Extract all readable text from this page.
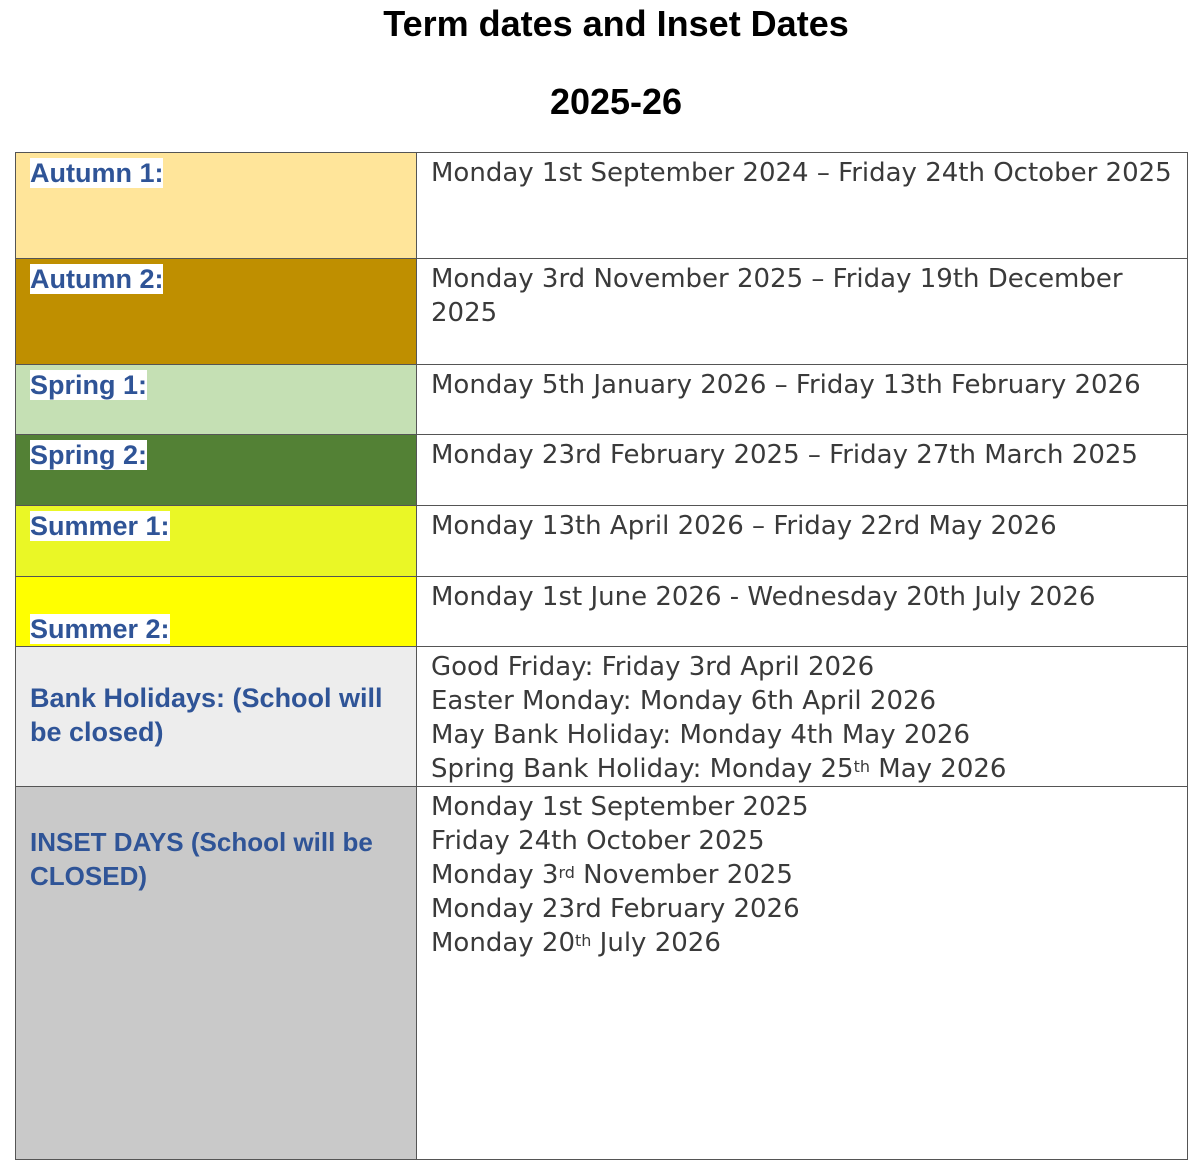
Term dates and Inset Dates
2025-26
Autumn 1:	Monday 1st September 2024 – Friday 24th October 2025

Autumn 2:	Monday 3rd November 2025 – Friday 19th December 2025

Spring 1:	Monday 5th January 2026 – Friday 13th February 2026

Spring 2:	Monday 23rd February 2025 – Friday 27th March 2025

Summer 1:	Monday 13th April 2026 – Friday 22rd May 2026

Summer 2:	Monday 1st June 2026 - Wednesday 20th July 2026

Bank Holidays: (School will be closed)	Good Friday: Friday 3rd April 2026
Easter Monday: Monday 6th April 2026
May Bank Holiday: Monday 4th May 2026
Spring Bank Holiday: Monday 25th May 2026

INSET DAYS (School will be CLOSED)	Monday 1st September 2025
Friday 24th October 2025
Monday 3rd November 2025
Monday 23rd February 2026
Monday 20th July 2026
